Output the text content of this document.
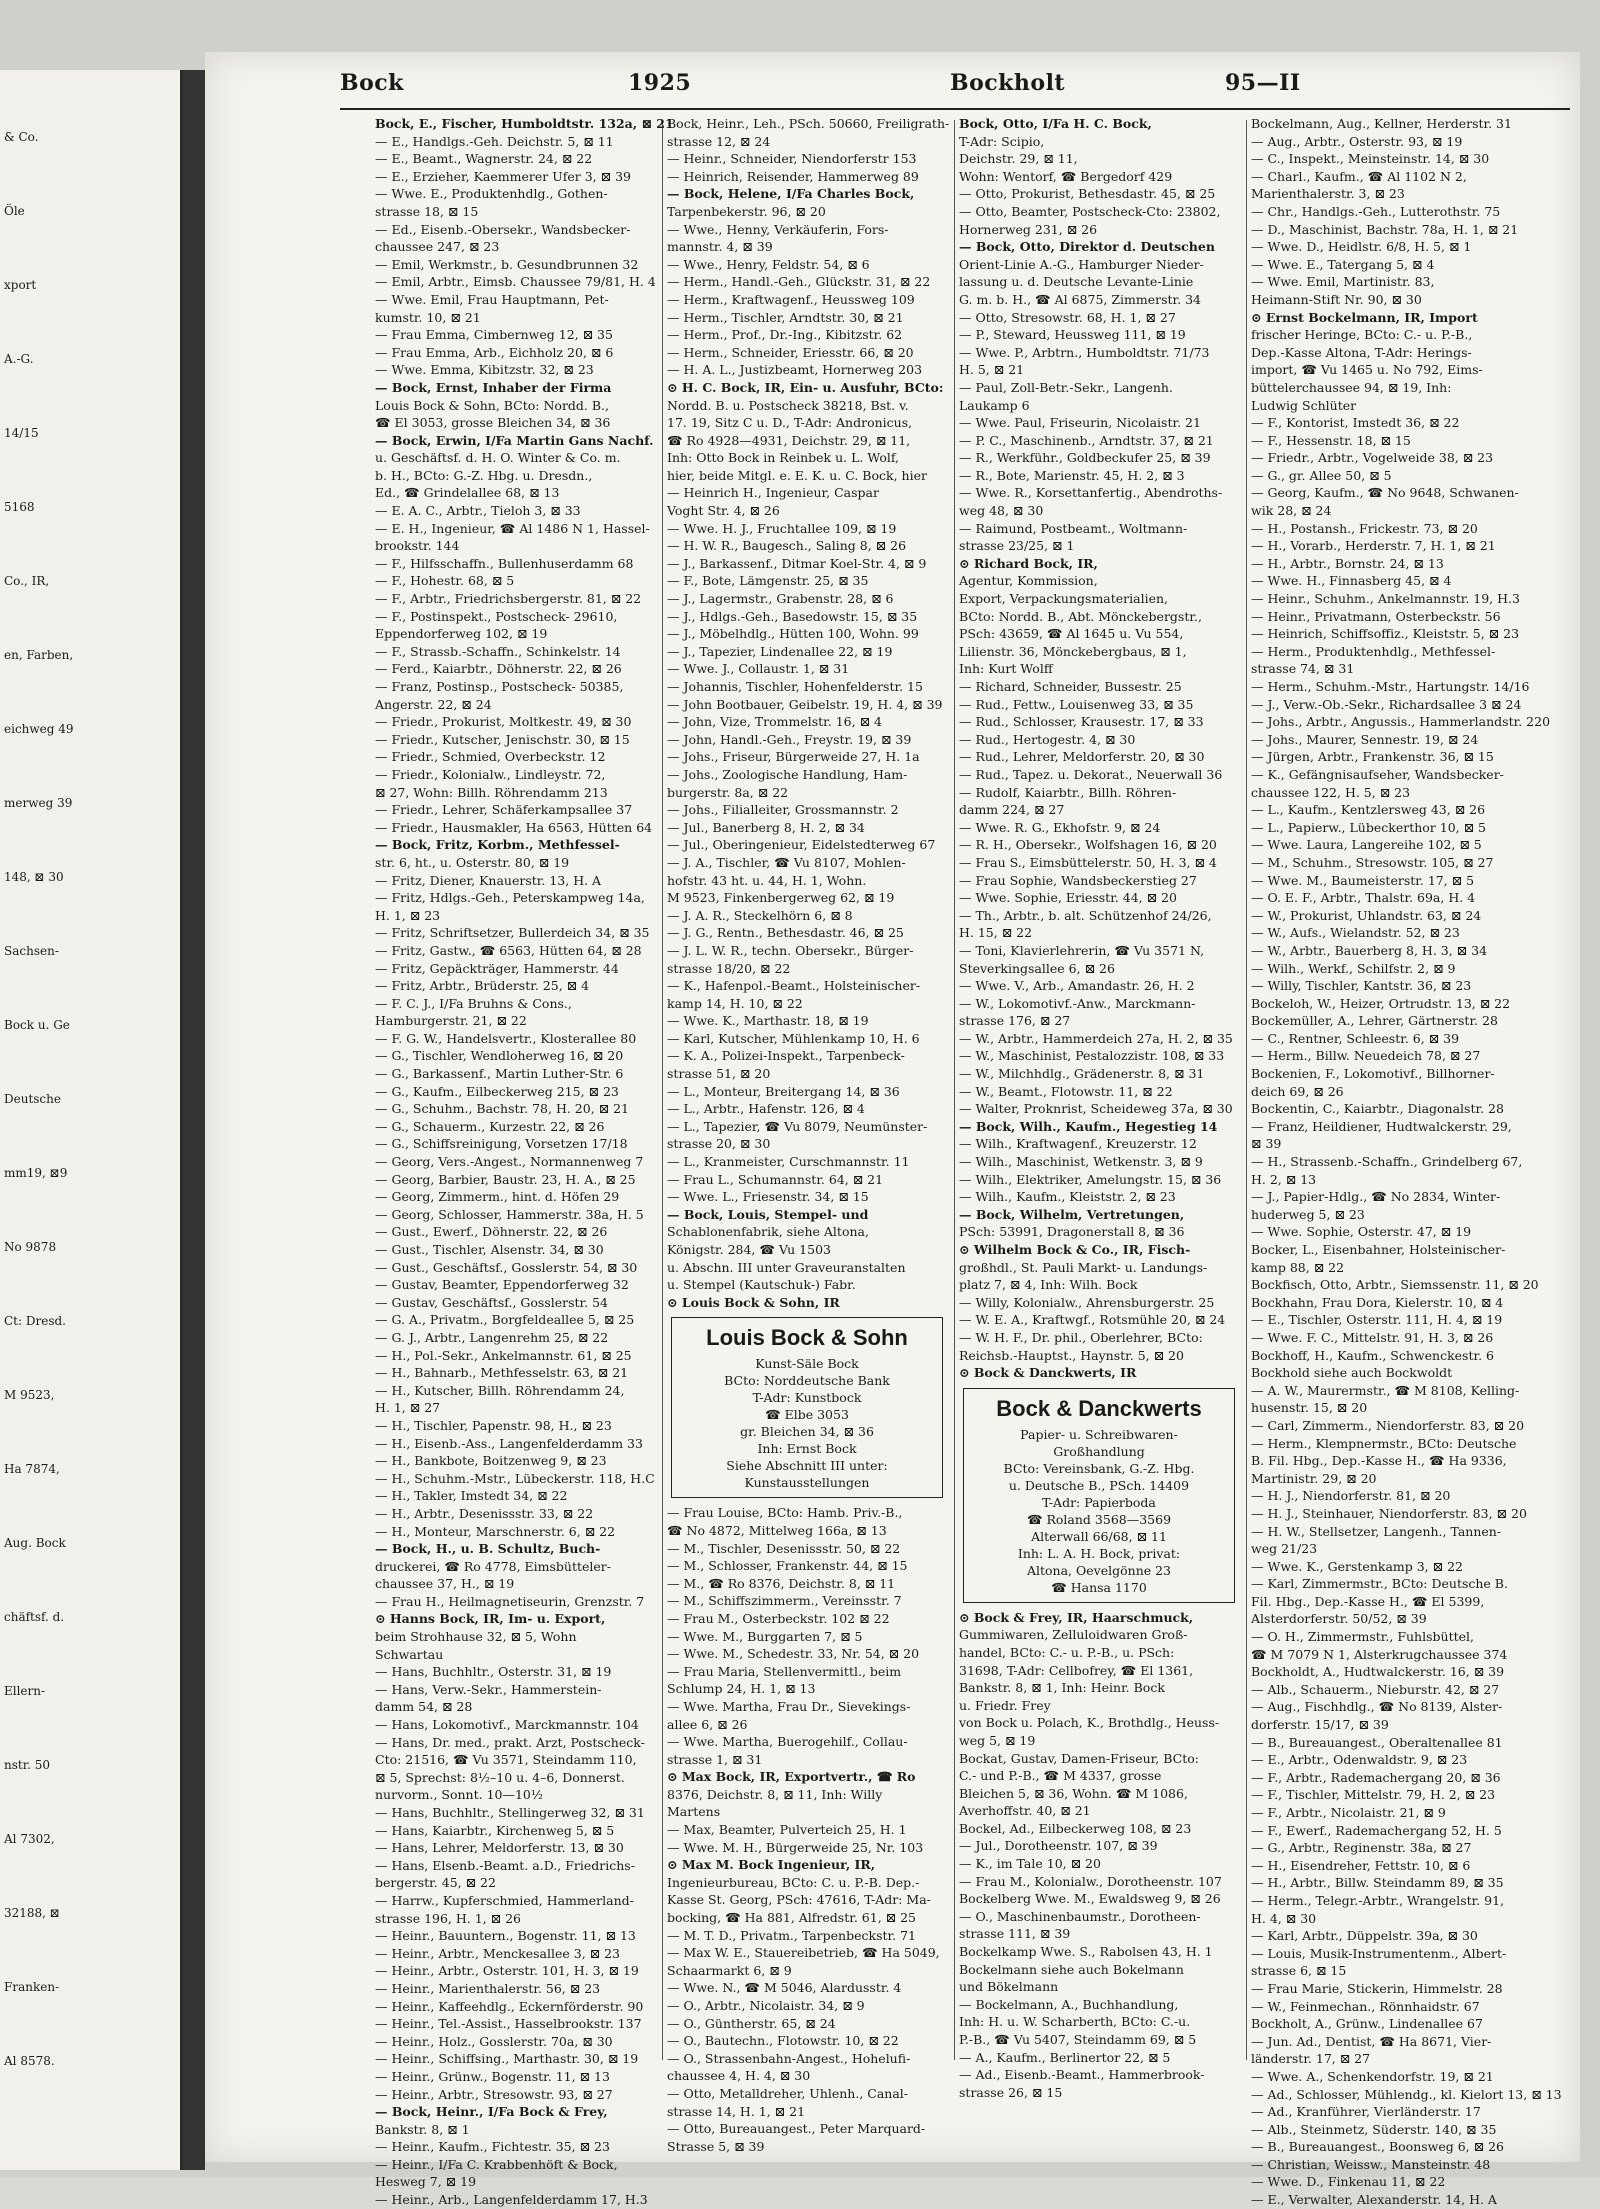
& Co.
Öle
xport
A.-G.
14/15
5168
Co., IR,
en, Farben,
eichweg 49
merweg 39
148, ⊠ 30
Sachsen-
Bock u. Ge
Deutsche
mm19, ⊠9
No 9878
Ct: Dresd.
M 9523,
Ha 7874,
Aug. Bock
chäftsf. d.
Ellern-
nstr. 50
Al 7302,
32188, ⊠
Franken-
Al 8578.
Bock	1925	Bockholt	95—II
Bock, E., Fischer, Humboldtstr. 132a, ⊠ 21
— E., Handlgs.-Geh. Deichstr. 5, ⊠ 11
— E., Beamt., Wagnerstr. 24, ⊠ 22
— E., Erzieher, Kaemmerer Ufer 3, ⊠ 39
— Wwe. E., Produktenhdlg., Gothen-
strasse 18, ⊠ 15
— Ed., Eisenb.-Obersekr., Wandsbecker-
chaussee 247, ⊠ 23
— Emil, Werkmstr., b. Gesundbrunnen 32
— Emil, Arbtr., Eimsb. Chaussee 79/81, H. 4
— Wwe. Emil, Frau Hauptmann, Pet-
kumstr. 10, ⊠ 21
— Frau Emma, Cimbernweg 12, ⊠ 35
— Frau Emma, Arb., Eichholz 20, ⊠ 6
— Wwe. Emma, Kibitzstr. 32, ⊠ 23
— Bock, Ernst, Inhaber der Firma
Louis Bock & Sohn, BCto: Nordd. B.,
☎ El 3053, grosse Bleichen 34, ⊠ 36
— Bock, Erwin, I/Fa Martin Gans Nachf.
u. Geschäftsf. d. H. O. Winter & Co. m.
b. H., BCto: G.-Z. Hbg. u. Dresdn.,
Ed., ☎ Grindelallee 68, ⊠ 13
— E. A. C., Arbtr., Tieloh 3, ⊠ 33
— E. H., Ingenieur, ☎ Al 1486 N 1, Hassel-
brookstr. 144
— F., Hilfsschaffn., Bullenhuserdamm 68
— F., Hohestr. 68, ⊠ 5
— F., Arbtr., Friedrichsbergerstr. 81, ⊠ 22
— F., Postinspekt., Postscheck- 29610,
Eppendorferweg 102, ⊠ 19
— F., Strassb.-Schaffn., Schinkelstr. 14
— Ferd., Kaiarbtr., Döhnerstr. 22, ⊠ 26
— Franz, Postinsp., Postscheck- 50385,
Angerstr. 22, ⊠ 24
— Friedr., Prokurist, Moltkestr. 49, ⊠ 30
— Friedr., Kutscher, Jenischstr. 30, ⊠ 15
— Friedr., Schmied, Overbeckstr. 12
— Friedr., Kolonialw., Lindleystr. 72,
⊠ 27, Wohn: Billh. Röhrendamm 213
— Friedr., Lehrer, Schäferkampsallee 37
— Friedr., Hausmakler, Ha 6563, Hütten 64
— Bock, Fritz, Korbm., Methfessel-
str. 6, ht., u. Osterstr. 80, ⊠ 19
— Fritz, Diener, Knauerstr. 13, H. A
— Fritz, Hdlgs.-Geh., Peterskampweg 14a,
H. 1, ⊠ 23
— Fritz, Schriftsetzer, Bullerdeich 34, ⊠ 35
— Fritz, Gastw., ☎ 6563, Hütten 64, ⊠ 28
— Fritz, Gepäckträger, Hammerstr. 44
— Fritz, Arbtr., Brüderstr. 25, ⊠ 4
— F. C. J., I/Fa Bruhns & Cons.,
Hamburgerstr. 21, ⊠ 22
— F. G. W., Handelsvertr., Klosterallee 80
— G., Tischler, Wendloherweg 16, ⊠ 20
— G., Barkassenf., Martin Luther-Str. 6
— G., Kaufm., Eilbeckerweg 215, ⊠ 23
— G., Schuhm., Bachstr. 78, H. 20, ⊠ 21
— G., Schauerm., Kurzestr. 22, ⊠ 26
— G., Schiffsreinigung, Vorsetzen 17/18
— Georg, Vers.-Angest., Normannenweg 7
— Georg, Barbier, Baustr. 23, H. A., ⊠ 25
— Georg, Zimmerm., hint. d. Höfen 29
— Georg, Schlosser, Hammerstr. 38a, H. 5
— Gust., Ewerf., Döhnerstr. 22, ⊠ 26
— Gust., Tischler, Alsenstr. 34, ⊠ 30
— Gust., Geschäftsf., Gosslerstr. 54, ⊠ 30
— Gustav, Beamter, Eppendorferweg 32
— Gustav, Geschäftsf., Gosslerstr. 54
— G. A., Privatm., Borgfeldeallee 5, ⊠ 25
— G. J., Arbtr., Langenrehm 25, ⊠ 22
— H., Pol.-Sekr., Ankelmannstr. 61, ⊠ 25
— H., Bahnarb., Methfesselstr. 63, ⊠ 21
— H., Kutscher, Billh. Röhrendamm 24,
H. 1, ⊠ 27
— H., Tischler, Papenstr. 98, H., ⊠ 23
— H., Eisenb.-Ass., Langenfelderdamm 33
— H., Bankbote, Boitzenweg 9, ⊠ 23
— H., Schuhm.-Mstr., Lübeckerstr. 118, H.C
— H., Takler, Imstedt 34, ⊠ 22
— H., Arbtr., Desenissstr. 33, ⊠ 22
— H., Monteur, Marschnerstr. 6, ⊠ 22
— Bock, H., u. B. Schultz, Buch-
druckerei, ☎ Ro 4778, Eimsbütteler-
chaussee 37, H., ⊠ 19
— Frau H., Heilmagnetiseurin, Grenzstr. 7
⊙ Hanns Bock, IR, Im- u. Export,
beim Strohhause 32, ⊠ 5, Wohn
Schwartau
— Hans, Buchhltr., Osterstr. 31, ⊠ 19
— Hans, Verw.-Sekr., Hammerstein-
damm 54, ⊠ 28
— Hans, Lokomotivf., Marckmannstr. 104
— Hans, Dr. med., prakt. Arzt, Postscheck-
Cto: 21516, ☎ Vu 3571, Steindamm 110,
⊠ 5, Sprechst: 8½–10 u. 4–6, Donnerst.
nurvorm., Sonnt. 10—10½
— Hans, Buchhltr., Stellingerweg 32, ⊠ 31
— Hans, Kaiarbtr., Kirchenweg 5, ⊠ 5
— Hans, Lehrer, Meldorferstr. 13, ⊠ 30
— Hans, Elsenb.-Beamt. a.D., Friedrichs-
bergerstr. 45, ⊠ 22
— Harrw., Kupferschmied, Hammerland-
strasse 196, H. 1, ⊠ 26
— Heinr., Bauuntern., Bogenstr. 11, ⊠ 13
— Heinr., Arbtr., Menckesallee 3, ⊠ 23
— Heinr., Arbtr., Osterstr. 101, H. 3, ⊠ 19
— Heinr., Marienthalerstr. 56, ⊠ 23
— Heinr., Kaffeehdlg., Eckernförderstr. 90
— Heinr., Tel.-Assist., Hasselbrookstr. 137
— Heinr., Holz., Gosslerstr. 70a, ⊠ 30
— Heinr., Schiffsing., Marthastr. 30, ⊠ 19
— Heinr., Grünw., Bogenstr. 11, ⊠ 13
— Heinr., Arbtr., Stresowstr. 93, ⊠ 27
— Bock, Heinr., I/Fa Bock & Frey,
Bankstr. 8, ⊠ 1
— Heinr., Kaufm., Fichtestr. 35, ⊠ 23
— Heinr., I/Fa C. Krabbenhöft & Bock,
Hesweg 7, ⊠ 19
— Heinr., Arb., Langenfelderdamm 17, H.3
Bock, Heinr., Leh., PSch. 50660, Freiligrath-
strasse 12, ⊠ 24
— Heinr., Schneider, Niendorferstr 153
— Heinrich, Reisender, Hammerweg 89
— Bock, Helene, I/Fa Charles Bock,
Tarpenbekerstr. 96, ⊠ 20
— Wwe., Henny, Verkäuferin, Fors-
mannstr. 4, ⊠ 39
— Wwe., Henry, Feldstr. 54, ⊠ 6
— Herm., Handl.-Geh., Glückstr. 31, ⊠ 22
— Herm., Kraftwagenf., Heussweg 109
— Herm., Tischler, Arndtstr. 30, ⊠ 21
— Herm., Prof., Dr.-Ing., Kibitzstr. 62
— Herm., Schneider, Eriesstr. 66, ⊠ 20
— H. A. L., Justizbeamt, Hornerweg 203
⊙ H. C. Bock, IR, Ein- u. Ausfuhr, BCto:
Nordd. B. u. Postscheck 38218, Bst. v.
17. 19, Sitz C u. D., T-Adr: Andronicus,
☎ Ro 4928—4931, Deichstr. 29, ⊠ 11,
Inh: Otto Bock in Reinbek u. L. Wolf,
hier, beide Mitgl. e. E. K. u. C. Bock, hier
— Heinrich H., Ingenieur, Caspar
Voght Str. 4, ⊠ 26
— Wwe. H. J., Fruchtallee 109, ⊠ 19
— H. W. R., Baugesch., Saling 8, ⊠ 26
— J., Barkassenf., Ditmar Koel-Str. 4, ⊠ 9
— F., Bote, Lämgenstr. 25, ⊠ 35
— J., Lagermstr., Grabenstr. 28, ⊠ 6
— J., Hdlgs.-Geh., Basedowstr. 15, ⊠ 35
— J., Möbelhdlg., Hütten 100, Wohn. 99
— J., Tapezier, Lindenallee 22, ⊠ 19
— Wwe. J., Collaustr. 1, ⊠ 31
— Johannis, Tischler, Hohenfelderstr. 15
— John Bootbauer, Geibelstr. 19, H. 4, ⊠ 39
— John, Vize, Trommelstr. 16, ⊠ 4
— John, Handl.-Geh., Freystr. 19, ⊠ 39
— Johs., Friseur, Bürgerweide 27, H. 1a
— Johs., Zoologische Handlung, Ham-
burgerstr. 8a, ⊠ 22
— Johs., Filialleiter, Grossmannstr. 2
— Jul., Banerberg 8, H. 2, ⊠ 34
— Jul., Oberingenieur, Eidelstedterweg 67
— J. A., Tischler, ☎ Vu 8107, Mohlen-
hofstr. 43 ht. u. 44, H. 1, Wohn.
M 9523, Finkenbergerweg 62, ⊠ 19
— J. A. R., Steckelhörn 6, ⊠ 8
— J. G., Rentn., Bethesdastr. 46, ⊠ 25
— J. L. W. R., techn. Obersekr., Bürger-
strasse 18/20, ⊠ 22
— K., Hafenpol.-Beamt., Holsteinischer-
kamp 14, H. 10, ⊠ 22
— Wwe. K., Marthastr. 18, ⊠ 19
— Karl, Kutscher, Mühlenkamp 10, H. 6
— K. A., Polizei-Inspekt., Tarpenbeck-
strasse 51, ⊠ 20
— L., Monteur, Breitergang 14, ⊠ 36
— L., Arbtr., Hafenstr. 126, ⊠ 4
— L., Tapezier, ☎ Vu 8079, Neumünster-
strasse 20, ⊠ 30
— L., Kranmeister, Curschmannstr. 11
— Frau L., Schumannstr. 64, ⊠ 21
— Wwe. L., Friesenstr. 34, ⊠ 15
— Bock, Louis, Stempel- und
Schablonenfabrik, siehe Altona,
Königstr. 284, ☎ Vu 1503
u. Abschn. III unter Graveuranstalten
u. Stempel (Kautschuk-) Fabr.
⊙ Louis Bock & Sohn, IR
Louis Bock & Sohn
Kunst-Säle Bock
BCto: Norddeutsche Bank
T-Adr: Kunstbock
☎ Elbe 3053
gr. Bleichen 34, ⊠ 36
Inh: Ernst Bock
Siehe Abschnitt III unter:
Kunstausstellungen
— Frau Louise, BCto: Hamb. Priv.-B.,
☎ No 4872, Mittelweg 166a, ⊠ 13
— M., Tischler, Desenissstr. 50, ⊠ 22
— M., Schlosser, Frankenstr. 44, ⊠ 15
— M., ☎ Ro 8376, Deichstr. 8, ⊠ 11
— M., Schiffszimmerm., Vereinsstr. 7
— Frau M., Osterbeckstr. 102 ⊠ 22
— Wwe. M., Burggarten 7, ⊠ 5
— Wwe. M., Schedestr. 33, Nr. 54, ⊠ 20
— Frau Maria, Stellenvermittl., beim
Schlump 24, H. 1, ⊠ 13
— Wwe. Martha, Frau Dr., Sievekings-
allee 6, ⊠ 26
— Wwe. Martha, Buerogehilf., Collau-
strasse 1, ⊠ 31
⊙ Max Bock, IR, Exportvertr., ☎ Ro
8376, Deichstr. 8, ⊠ 11, Inh: Willy
Martens
— Max, Beamter, Pulverteich 25, H. 1
— Wwe. M. H., Bürgerweide 25, Nr. 103
⊙ Max M. Bock Ingenieur, IR,
Ingenieurbureau, BCto: C. u. P.-B. Dep.-
Kasse St. Georg, PSch: 47616, T-Adr: Ma-
bocking, ☎ Ha 881, Alfredstr. 61, ⊠ 25
— M. T. D., Privatm., Tarpenbeckstr. 71
— Max W. E., Stauereibetrieb, ☎ Ha 5049,
Schaarmarkt 6, ⊠ 9
— Wwe. N., ☎ M 5046, Alardusstr. 4
— O., Arbtr., Nicolaistr. 34, ⊠ 9
— O., Güntherstr. 65, ⊠ 24
— O., Bautechn., Flotowstr. 10, ⊠ 22
— O., Strassenbahn-Angest., Hohelufi-
chaussee 4, H. 4, ⊠ 30
— Otto, Metalldreher, Uhlenh., Canal-
strasse 14, H. 1, ⊠ 21
— Otto, Bureauangest., Peter Marquard-
Strasse 5, ⊠ 39
Bock, Otto, I/Fa H. C. Bock,
T-Adr: Scipio,
Deichstr. 29, ⊠ 11,
Wohn: Wentorf, ☎ Bergedorf 429
— Otto, Prokurist, Bethesdastr. 45, ⊠ 25
— Otto, Beamter, Postscheck-Cto: 23802,
Hornerweg 231, ⊠ 26
— Bock, Otto, Direktor d. Deutschen
Orient-Linie A.-G., Hamburger Nieder-
lassung u. d. Deutsche Levante-Linie
G. m. b. H., ☎ Al 6875, Zimmerstr. 34
— Otto, Stresowstr. 68, H. 1, ⊠ 27
— P., Steward, Heussweg 111, ⊠ 19
— Wwe. P., Arbtrn., Humboldtstr. 71/73
H. 5, ⊠ 21
— Paul, Zoll-Betr.-Sekr., Langenh.
Laukamp 6
— Wwe. Paul, Friseurin, Nicolaistr. 21
— P. C., Maschinenb., Arndtstr. 37, ⊠ 21
— R., Werkführ., Goldbeckufer 25, ⊠ 39
— R., Bote, Marienstr. 45, H. 2, ⊠ 3
— Wwe. R., Korsettanfertig., Abendroths-
weg 48, ⊠ 30
— Raimund, Postbeamt., Woltmann-
strasse 23/25, ⊠ 1
⊙ Richard Bock, IR,
Agentur, Kommission,
Export, Verpackungsmaterialien,
BCto: Nordd. B., Abt. Mönckebergstr.,
PSch: 43659, ☎ Al 1645 u. Vu 554,
Lilienstr. 36, Mönckebergbaus, ⊠ 1,
Inh: Kurt Wolff
— Richard, Schneider, Bussestr. 25
— Rud., Fettw., Louisenweg 33, ⊠ 35
— Rud., Schlosser, Krausestr. 17, ⊠ 33
— Rud., Hertogestr. 4, ⊠ 30
— Rud., Lehrer, Meldorferstr. 20, ⊠ 30
— Rud., Tapez. u. Dekorat., Neuerwall 36
— Rudolf, Kaiarbtr., Billh. Röhren-
damm 224, ⊠ 27
— Wwe. R. G., Ekhofstr. 9, ⊠ 24
— R. H., Obersekr., Wolfshagen 16, ⊠ 20
— Frau S., Eimsbüttelerstr. 50, H. 3, ⊠ 4
— Frau Sophie, Wandsbeckerstieg 27
— Wwe. Sophie, Eriesstr. 44, ⊠ 20
— Th., Arbtr., b. alt. Schützenhof 24/26,
H. 15, ⊠ 22
— Toni, Klavierlehrerin, ☎ Vu 3571 N,
Steverkingsallee 6, ⊠ 26
— Wwe. V., Arb., Amandastr. 26, H. 2
— W., Lokomotivf.-Anw., Marckmann-
strasse 176, ⊠ 27
— W., Arbtr., Hammerdeich 27a, H. 2, ⊠ 35
— W., Maschinist, Pestalozzistr. 108, ⊠ 33
— W., Milchhdlg., Grädenerstr. 8, ⊠ 31
— W., Beamt., Flotowstr. 11, ⊠ 22
— Walter, Proknrist, Scheideweg 37a, ⊠ 30
— Bock, Wilh., Kaufm., Hegestieg 14
— Wilh., Kraftwagenf., Kreuzerstr. 12
— Wilh., Maschinist, Wetkenstr. 3, ⊠ 9
— Wilh., Elektriker, Amelungstr. 15, ⊠ 36
— Wilh., Kaufm., Kleiststr. 2, ⊠ 23
— Bock, Wilhelm, Vertretungen,
PSch: 53991, Dragonerstall 8, ⊠ 36
⊙ Wilhelm Bock & Co., IR, Fisch-
großhdl., St. Pauli Markt- u. Landungs-
platz 7, ⊠ 4, Inh: Wilh. Bock
— Willy, Kolonialw., Ahrensburgerstr. 25
— W. E. A., Kraftwgf., Rotsmühle 20, ⊠ 24
— W. H. F., Dr. phil., Oberlehrer, BCto:
Reichsb.-Hauptst., Haynstr. 5, ⊠ 20
⊙ Bock & Danckwerts, IR
Bock & Danckwerts
Papier- u. Schreibwaren-
Großhandlung
BCto: Vereinsbank, G.-Z. Hbg.
u. Deutsche B., PSch. 14409
T-Adr: Papierboda
☎ Roland 3568—3569
Alterwall 66/68, ⊠ 11
Inh: L. A. H. Bock, privat:
Altona, Oevelgönne 23
☎ Hansa 1170
⊙ Bock & Frey, IR, Haarschmuck,
Gummiwaren, Zelluloidwaren Groß-
handel, BCto: C.- u. P.-B., u. PSch:
31698, T-Adr: Cellbofrey, ☎ El 1361,
Bankstr. 8, ⊠ 1, Inh: Heinr. Bock
u. Friedr. Frey
von Bock u. Polach, K., Brothdlg., Heuss-
weg 5, ⊠ 19
Bockat, Gustav, Damen-Friseur, BCto:
C.- und P.-B., ☎ M 4337, grosse
Bleichen 5, ⊠ 36, Wohn. ☎ M 1086,
Averhoffstr. 40, ⊠ 21
Bockel, Ad., Eilbeckerweg 108, ⊠ 23
— Jul., Dorotheenstr. 107, ⊠ 39
— K., im Tale 10, ⊠ 20
— Frau M., Kolonialw., Dorotheenstr. 107
Bockelberg Wwe. M., Ewaldsweg 9, ⊠ 26
— O., Maschinenbaumstr., Dorotheen-
strasse 111, ⊠ 39
Bockelkamp Wwe. S., Rabolsen 43, H. 1
Bockelmann siehe auch Bokelmann
und Bökelmann
— Bockelmann, A., Buchhandlung,
Inh: H. u. W. Scharberth, BCto: C.-u.
P.-B., ☎ Vu 5407, Steindamm 69, ⊠ 5
— A., Kaufm., Berlinertor 22, ⊠ 5
— Ad., Eisenb.-Beamt., Hammerbrook-
strasse 26, ⊠ 15
Bockelmann, Aug., Kellner, Herderstr. 31
— Aug., Arbtr., Osterstr. 93, ⊠ 19
— C., Inspekt., Meinsteinstr. 14, ⊠ 30
— Charl., Kaufm., ☎ Al 1102 N 2,
Marienthalerstr. 3, ⊠ 23
— Chr., Handlgs.-Geh., Lutterothstr. 75
— D., Maschinist, Bachstr. 78a, H. 1, ⊠ 21
— Wwe. D., Heidlstr. 6/8, H. 5, ⊠ 1
— Wwe. E., Tatergang 5, ⊠ 4
— Wwe. Emil, Martinistr. 83,
Heimann-Stift Nr. 90, ⊠ 30
⊙ Ernst Bockelmann, IR, Import
frischer Heringe, BCto: C.- u. P.-B.,
Dep.-Kasse Altona, T-Adr: Herings-
import, ☎ Vu 1465 u. No 792, Eims-
büttelerchaussee 94, ⊠ 19, Inh:
Ludwig Schlüter
— F., Kontorist, Imstedt 36, ⊠ 22
— F., Hessenstr. 18, ⊠ 15
— Friedr., Arbtr., Vogelweide 38, ⊠ 23
— G., gr. Allee 50, ⊠ 5
— Georg, Kaufm., ☎ No 9648, Schwanen-
wik 28, ⊠ 24
— H., Postansh., Frickestr. 73, ⊠ 20
— H., Vorarb., Herderstr. 7, H. 1, ⊠ 21
— H., Arbtr., Bornstr. 24, ⊠ 13
— Wwe. H., Finnasberg 45, ⊠ 4
— Heinr., Schuhm., Ankelmannstr. 19, H.3
— Heinr., Privatmann, Osterbeckstr. 56
— Heinrich, Schiffsoffiz., Kleiststr. 5, ⊠ 23
— Herm., Produktenhdlg., Methfessel-
strasse 74, ⊠ 31
— Herm., Schuhm.-Mstr., Hartungstr. 14/16
— J., Verw.-Ob.-Sekr., Richardsallee 3 ⊠ 24
— Johs., Arbtr., Angussis., Hammerlandstr. 220
— Johs., Maurer, Sennestr. 19, ⊠ 24
— Jürgen, Arbtr., Frankenstr. 36, ⊠ 15
— K., Gefängnisaufseher, Wandsbecker-
chaussee 122, H. 5, ⊠ 23
— L., Kaufm., Kentzlersweg 43, ⊠ 26
— L., Papierw., Lübeckerthor 10, ⊠ 5
— Wwe. Laura, Langereihe 102, ⊠ 5
— M., Schuhm., Stresowstr. 105, ⊠ 27
— Wwe. M., Baumeisterstr. 17, ⊠ 5
— O. E. F., Arbtr., Thalstr. 69a, H. 4
— W., Prokurist, Uhlandstr. 63, ⊠ 24
— W., Aufs., Wielandstr. 52, ⊠ 23
— W., Arbtr., Bauerberg 8, H. 3, ⊠ 34
— Wilh., Werkf., Schilfstr. 2, ⊠ 9
— Willy, Tischler, Kantstr. 36, ⊠ 23
Bockeloh, W., Heizer, Ortrudstr. 13, ⊠ 22
Bockemüller, A., Lehrer, Gärtnerstr. 28
— C., Rentner, Schleestr. 6, ⊠ 39
— Herm., Billw. Neuedeich 78, ⊠ 27
Bockenien, F., Lokomotivf., Billhorner-
deich 69, ⊠ 26
Bockentin, C., Kaiarbtr., Diagonalstr. 28
— Franz, Heildiener, Hudtwalckerstr. 29,
⊠ 39
— H., Strassenb.-Schaffn., Grindelberg 67,
H. 2, ⊠ 13
— J., Papier-Hdlg., ☎ No 2834, Winter-
huderweg 5, ⊠ 23
— Wwe. Sophie, Osterstr. 47, ⊠ 19
Bocker, L., Eisenbahner, Holsteinischer-
kamp 88, ⊠ 22
Bockfisch, Otto, Arbtr., Siemssenstr. 11, ⊠ 20
Bockhahn, Frau Dora, Kielerstr. 10, ⊠ 4
— E., Tischler, Osterstr. 111, H. 4, ⊠ 19
— Wwe. F. C., Mittelstr. 91, H. 3, ⊠ 26
Bockhoff, H., Kaufm., Schwenckestr. 6
Bockhold siehe auch Bockwoldt
— A. W., Maurermstr., ☎ M 8108, Kelling-
husenstr. 15, ⊠ 20
— Carl, Zimmerm., Niendorferstr. 83, ⊠ 20
— Herm., Klempnermstr., BCto: Deutsche
B. Fil. Hbg., Dep.-Kasse H., ☎ Ha 9336,
Martinistr. 29, ⊠ 20
— H. J., Niendorferstr. 81, ⊠ 20
— H. J., Steinhauer, Niendorferstr. 83, ⊠ 20
— H. W., Stellsetzer, Langenh., Tannen-
weg 21/23
— Wwe. K., Gerstenkamp 3, ⊠ 22
— Karl, Zimmermstr., BCto: Deutsche B.
Fil. Hbg., Dep.-Kasse H., ☎ El 5399,
Alsterdorferstr. 50/52, ⊠ 39
— O. H., Zimmermstr., Fuhlsbüttel,
☎ M 7079 N 1, Alsterkrugchaussee 374
Bockholdt, A., Hudtwalckerstr. 16, ⊠ 39
— Alb., Schauerm., Nieburstr. 42, ⊠ 27
— Aug., Fischhdlg., ☎ No 8139, Alster-
dorferstr. 15/17, ⊠ 39
— B., Bureauangest., Oberaltenallee 81
— E., Arbtr., Odenwaldstr. 9, ⊠ 23
— F., Arbtr., Rademachergang 20, ⊠ 36
— F., Tischler, Mittelstr. 79, H. 2, ⊠ 23
— F., Arbtr., Nicolaistr. 21, ⊠ 9
— F., Ewerf., Rademachergang 52, H. 5
— G., Arbtr., Reginenstr. 38a, ⊠ 27
— H., Eisendreher, Fettstr. 10, ⊠ 6
— H., Arbtr., Billw. Steindamm 89, ⊠ 35
— Herm., Telegr.-Arbtr., Wrangelstr. 91,
H. 4, ⊠ 30
— Karl, Arbtr., Düppelstr. 39a, ⊠ 30
— Louis, Musik-Instrumentenm., Albert-
strasse 6, ⊠ 15
— Frau Marie, Stickerin, Himmelstr. 28
— W., Feinmechan., Rönnhaidstr. 67
Bockholt, A., Grünw., Lindenallee 67
— Jun. Ad., Dentist, ☎ Ha 8671, Vier-
länderstr. 17, ⊠ 27
— Wwe. A., Schenkendorfstr. 19, ⊠ 21
— Ad., Schlosser, Mühlendg., kl. Kielort 13, ⊠ 13
— Ad., Kranführer, Vierländerstr. 17
— Alb., Steinmetz, Süderstr. 140, ⊠ 35
— B., Bureauangest., Boonsweg 6, ⊠ 26
— Christian, Weissw., Mansteinstr. 48
— Wwe. D., Finkenau 11, ⊠ 22
— E., Verwalter, Alexanderstr. 14, H. A
